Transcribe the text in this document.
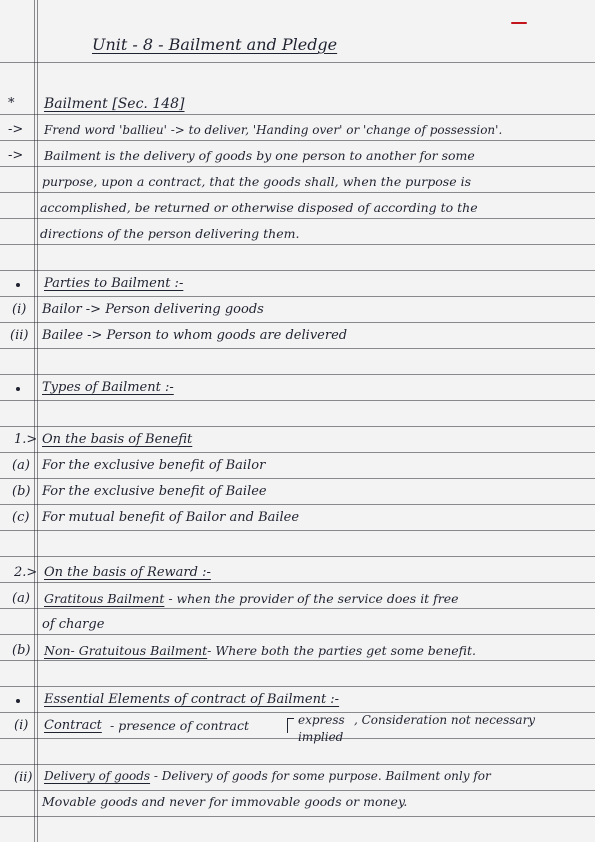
Unit - 8 - Bailment and Pledge
* Bailment [Sec. 148]
-> Frend word 'ballieu' -> to deliver, 'Handing over' or 'change of possession'.
-> Bailment is the delivery of goods by one person to another for some
purpose, upon a contract, that the goods shall, when the purpose is
accomplished, be returned or otherwise disposed of according to the
directions of the person delivering them.
Parties to Bailment :-
(i) Bailor -> Person delivering goods
(ii) Bailee -> Person to whom goods are delivered
Types of Bailment :-
1.> On the basis of Benefit
(a) For the exclusive benefit of Bailor
(b) For the exclusive benefit of Bailee
(c) For mutual benefit of Bailor and Bailee
2.> On the basis of Reward :-
(a) Gratitous Bailment - when the provider of the service does it free
of charge
(b) Non- Gratuitous Bailment- Where both the parties get some benefit.
Essential Elements of contract of Bailment :-
(i) Contract - presence of contract	express
implied
, Consideration not necessary
(ii) Delivery of goods - Delivery of goods for some purpose. Bailment only for
Movable goods and never for immovable goods or money.
